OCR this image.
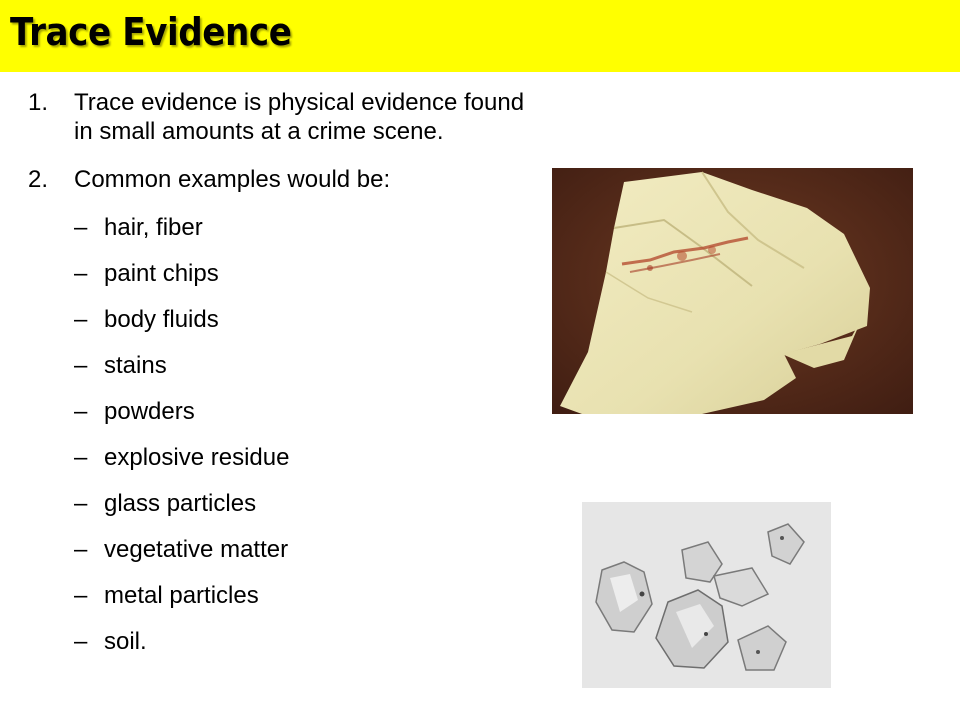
Trace Evidence
1. Trace evidence is physical evidence found in small amounts at a crime scene.
2. Common examples would be:
– hair, fiber
– paint chips
– body fluids
– stains
– powders
– explosive residue
– glass particles
– vegetative matter
– metal particles
– soil.
